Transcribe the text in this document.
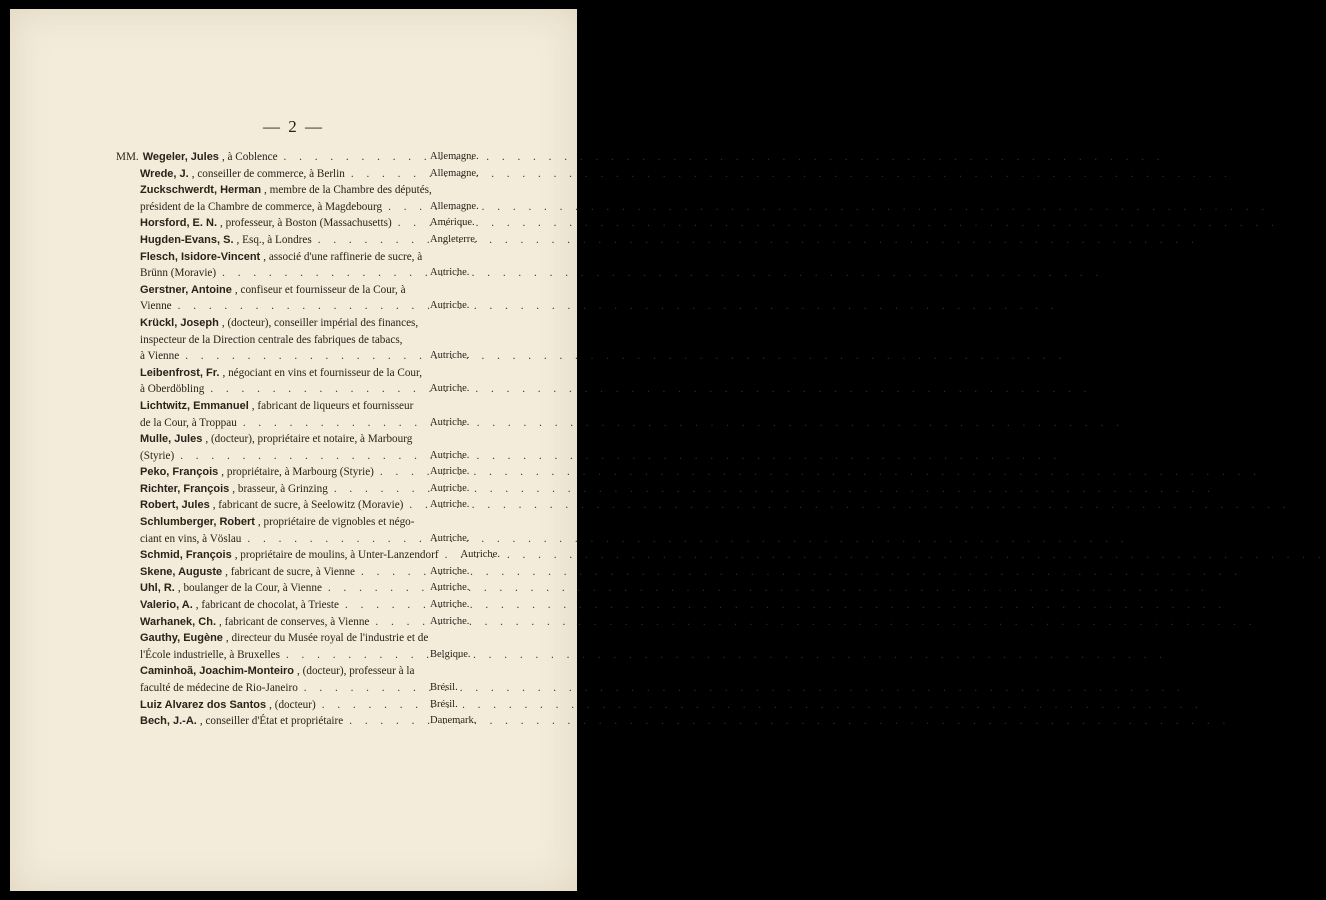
— 2 —
MM. Wegeler, Jules , à Coblence . . .	Allemagne.
Wrede, J. , conseiller de commerce, à Berlin . . .	Allemagne.
Zuckschwerdt, Herman , membre de la Chambre des députés,
président de la Chambre de commerce, à Magdebourg . . .	Allemagne.
Horsford, E. N. , professeur, à Boston (Massachusetts) . . .	Amérique.
Hugden-Evans, S. , Esq., à Londres . . .	Angleterre.
Flesch, Isidore-Vincent , associé d'une raffinerie de sucre, à
Brünn (Moravie) . . .	Autriche.
Gerstner, Antoine , confiseur et fournisseur de la Cour, à
Vienne . . .	Autriche.
Krückl, Joseph , (docteur), conseiller impérial des finances,
inspecteur de la Direction centrale des fabriques de tabacs,
à Vienne . . .	Autriche.
Leibenfrost, Fr. , négociant en vins et fournisseur de la Cour,
à Oberdöbling . . .	Autriche.
Lichtwitz, Emmanuel , fabricant de liqueurs et fournisseur
de la Cour, à Troppau . . .	Autriche.
Mulle, Jules , (docteur), propriétaire et notaire, à Marbourg
(Styrie) . . .	Autriche.
Peko, François , propriétaire, à Marbourg (Styrie) . . .	Autriche.
Richter, François , brasseur, à Grinzing . . .	Autriche.
Robert, Jules , fabricant de sucre, à Seelowitz (Moravie) . . .	Autriche.
Schlumberger, Robert , propriétaire de vignobles et négo-
ciant en vins, à Vöslau . . .	Autriche.
Schmid, François , propriétaire de moulins, à Unter-Lanzendorf . . . Autriche.
Skene, Auguste , fabricant de sucre, à Vienne . . .	Autriche.
Uhl, R. , boulanger de la Cour, à Vienne . . .	Autriche.
Valerio, A. , fabricant de chocolat, à Trieste . . .	Autriche.
Warhanek, Ch. , fabricant de conserves, à Vienne . . .	Autriche.
Gauthy, Eugène , directeur du Musée royal de l'industrie et de
l'École industrielle, à Bruxelles . . .	Belgique.
Caminhoã, Joachim-Monteiro , (docteur), professeur à la
faculté de médecine de Rio-Janeiro . . .	Brésil.
Luiz Alvarez dos Santos , (docteur) . . .	Brésil.
Bech, J.-A. , conseiller d'État et propriétaire . . .	Danemark.
